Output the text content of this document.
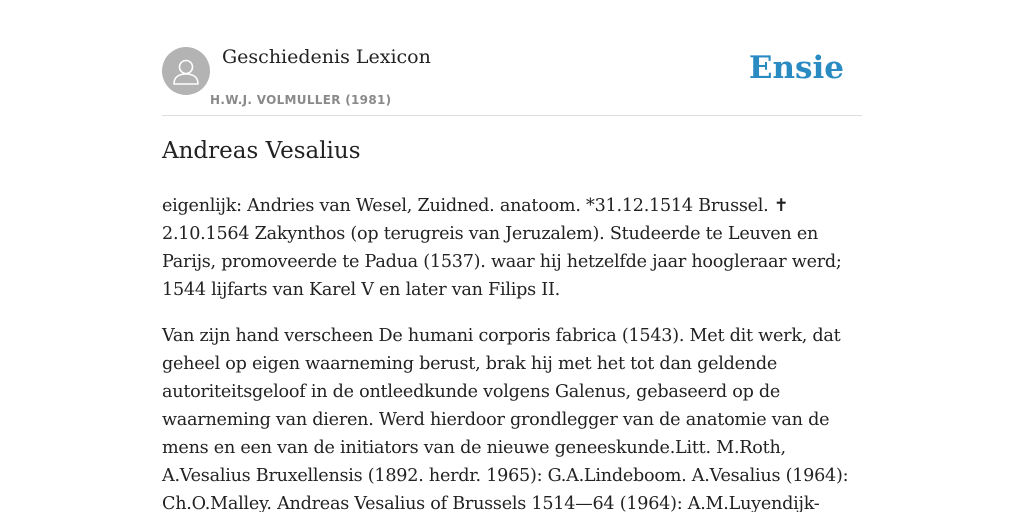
Geschiedenis Lexicon
H.W.J. VOLMULLER (1981)
Ensie
Andreas Vesalius

eigenlijk: Andries van Wesel, Zuidned. anatoom. *31.12.1514 Brussel. ✝ 2.10.1564 Zakynthos (op terugreis van Jeruzalem). Studeerde te Leuven en Parijs, promoveerde te Padua (1537). waar hij hetzelfde jaar hoogleraar werd; 1544 lijfarts van Karel V en later van Filips II.

Van zijn hand verscheen De humani corporis fabrica (1543). Met dit werk, dat geheel op eigen waarneming berust, brak hij met het tot dan geldende autoriteitsgeloof in de ontleedkunde volgens Galenus, gebaseerd op de waarneming van dieren. Werd hierdoor grondlegger van de anatomie van de mens en een van de initiators van de nieuwe geneeskunde.Litt. M.Roth, A.Vesalius Bruxellensis (1892. herdr. 1965): G.A.Lindeboom. A.Vesalius (1964): Ch.O.Malley. Andreas Vesalius of Brussels 1514—64 (1964): A.M.Luyendijk-
